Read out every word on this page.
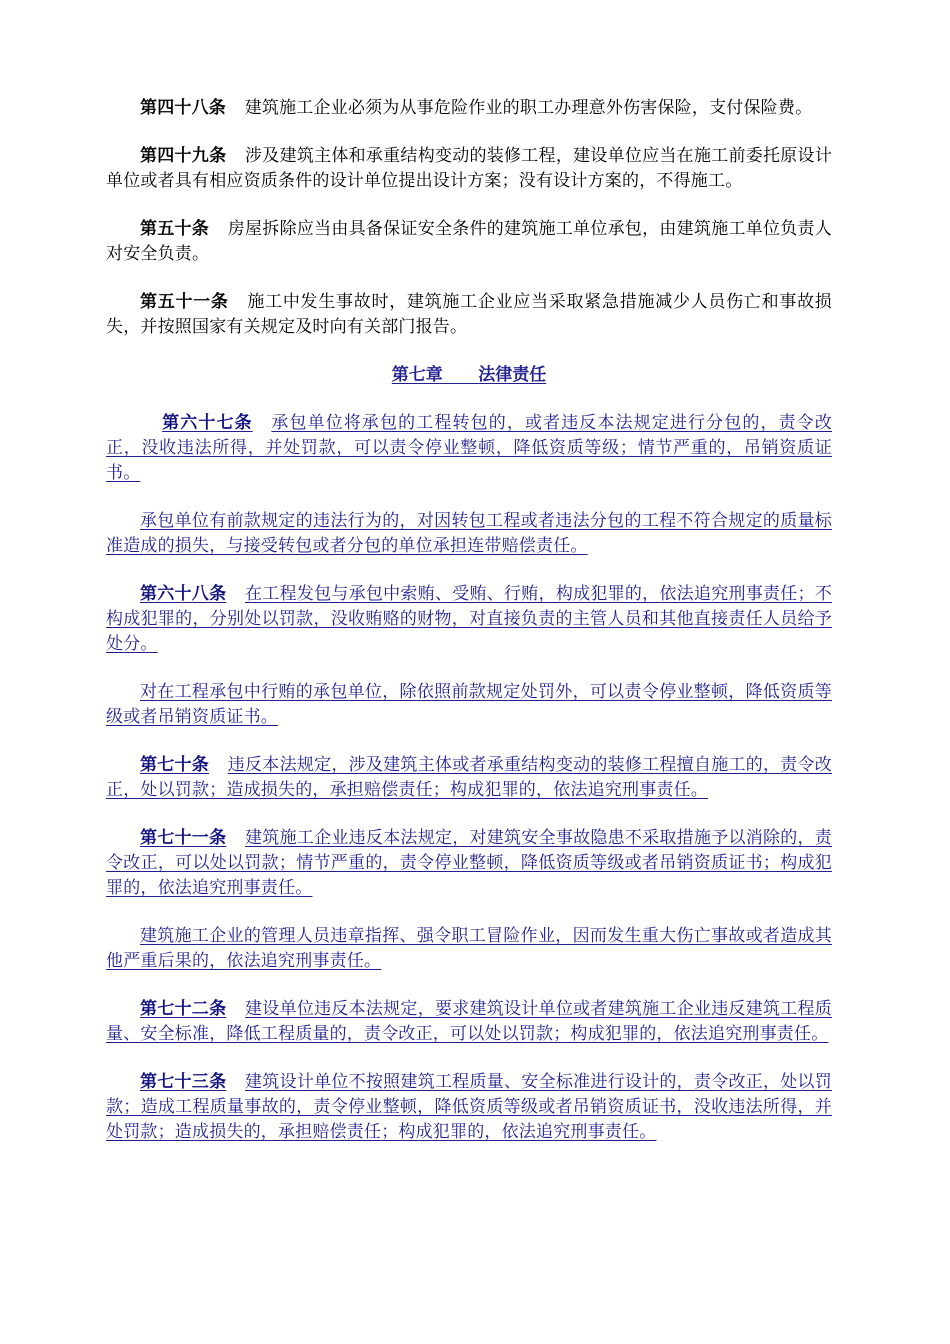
第四十八条 建筑施工企业必须为从事危险作业的职工办理意外伤害保险，支付保险费。

第四十九条 涉及建筑主体和承重结构变动的装修工程，建设单位应当在施工前委托原设计单位或者具有相应资质条件的设计单位提出设计方案；没有设计方案的，不得施工。

第五十条 房屋拆除应当由具备保证安全条件的建筑施工单位承包，由建筑施工单位负责人对安全负责。

第五十一条 施工中发生事故时，建筑施工企业应当采取紧急措施减少人员伤亡和事故损失，并按照国家有关规定及时向有关部门报告。

第七章 法律责任

第六十七条 承包单位将承包的工程转包的，或者违反本法规定进行分包的，责令改正，没收违法所得，并处罚款，可以责令停业整顿，降低资质等级；情节严重的，吊销资质证书。

承包单位有前款规定的违法行为的，对因转包工程或者违法分包的工程不符合规定的质量标准造成的损失，与接受转包或者分包的单位承担连带赔偿责任。

第六十八条 在工程发包与承包中索贿、受贿、行贿，构成犯罪的，依法追究刑事责任；不构成犯罪的，分别处以罚款，没收贿赂的财物，对直接负责的主管人员和其他直接责任人员给予处分。

对在工程承包中行贿的承包单位，除依照前款规定处罚外，可以责令停业整顿，降低资质等级或者吊销资质证书。

第七十条 违反本法规定，涉及建筑主体或者承重结构变动的装修工程擅自施工的，责令改正，处以罚款；造成损失的，承担赔偿责任；构成犯罪的，依法追究刑事责任。

第七十一条 建筑施工企业违反本法规定，对建筑安全事故隐患不采取措施予以消除的，责令改正，可以处以罚款；情节严重的，责令停业整顿，降低资质等级或者吊销资质证书；构成犯罪的，依法追究刑事责任。

建筑施工企业的管理人员违章指挥、强令职工冒险作业，因而发生重大伤亡事故或者造成其他严重后果的，依法追究刑事责任。

第七十二条 建设单位违反本法规定，要求建筑设计单位或者建筑施工企业违反建筑工程质量、安全标准，降低工程质量的，责令改正，可以处以罚款；构成犯罪的，依法追究刑事责任。

第七十三条 建筑设计单位不按照建筑工程质量、安全标准进行设计的，责令改正，处以罚款；造成工程质量事故的，责令停业整顿，降低资质等级或者吊销资质证书，没收违法所得，并处罚款；造成损失的，承担赔偿责任；构成犯罪的，依法追究刑事责任。
